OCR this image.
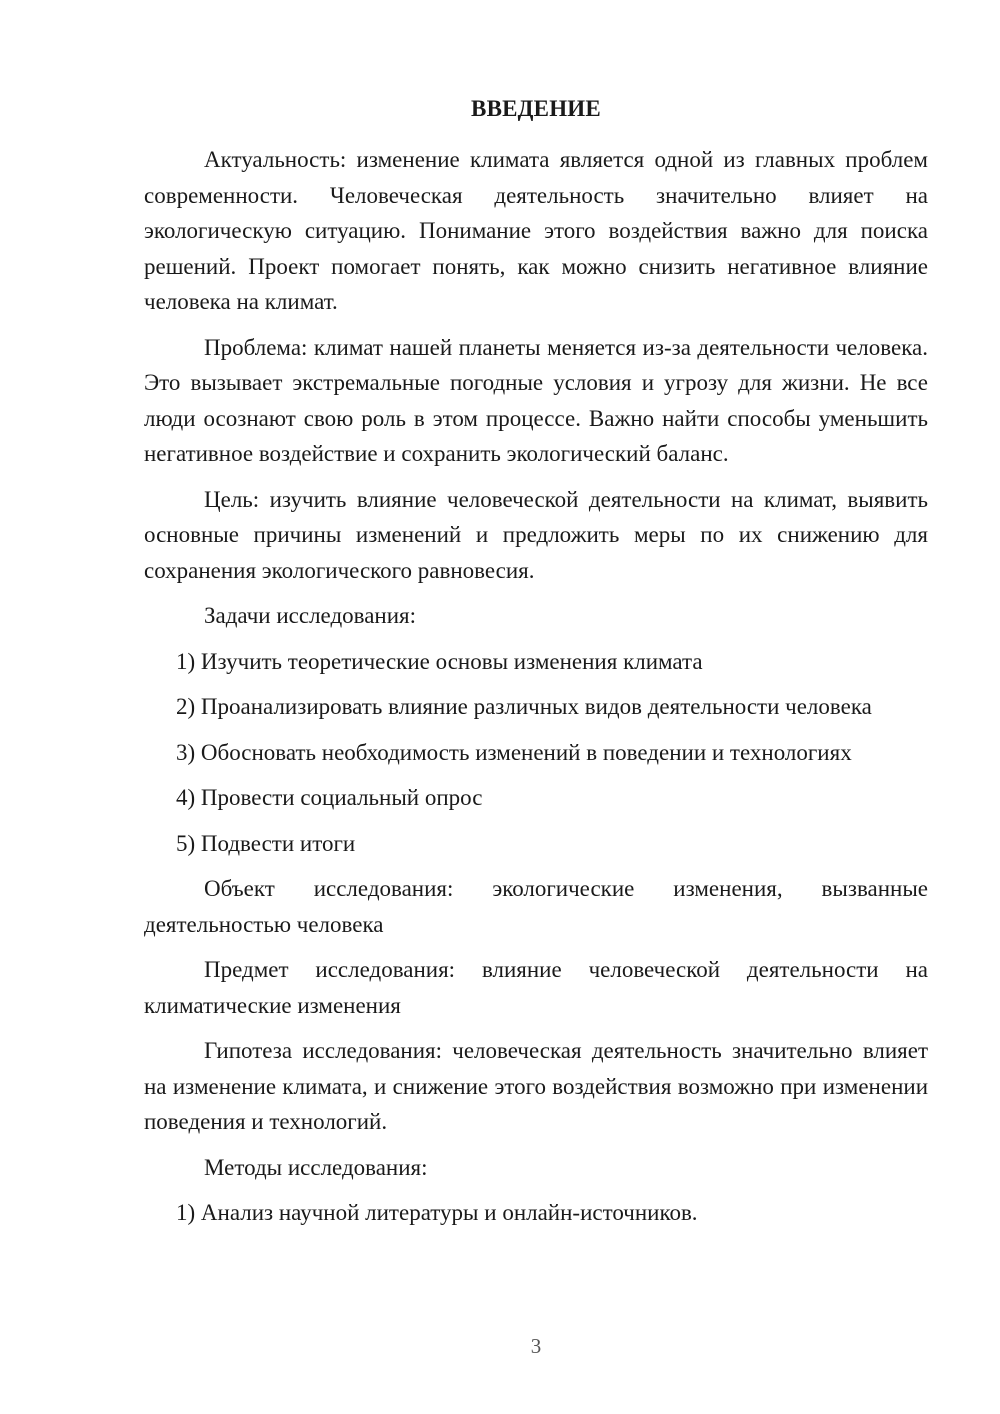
ВВЕДЕНИЕ

Актуальность: изменение климата является одной из главных проблем современности. Человеческая деятельность значительно влияет на экологическую ситуацию. Понимание этого воздействия важно для поиска решений. Проект помогает понять, как можно снизить негативное влияние человека на климат.

Проблема: климат нашей планеты меняется из-за деятельности человека. Это вызывает экстремальные погодные условия и угрозу для жизни. Не все люди осознают свою роль в этом процессе. Важно найти способы уменьшить негативное воздействие и сохранить экологический баланс.

Цель: изучить влияние человеческой деятельности на климат, выявить основные причины изменений и предложить меры по их снижению для сохранения экологического равновесия.

Задачи исследования:

1) Изучить теоретические основы изменения климата

2) Проанализировать влияние различных видов деятельности человека

3) Обосновать необходимость изменений в поведении и технологиях

4) Провести социальный опрос

5) Подвести итоги

Объект исследования: экологические изменения, вызванные деятельностью человека

Предмет исследования: влияние человеческой деятельности на климатические изменения

Гипотеза исследования: человеческая деятельность значительно влияет на изменение климата, и снижение этого воздействия возможно при изменении поведения и технологий.

Методы исследования:

1) Анализ научной литературы и онлайн-источников.

3
